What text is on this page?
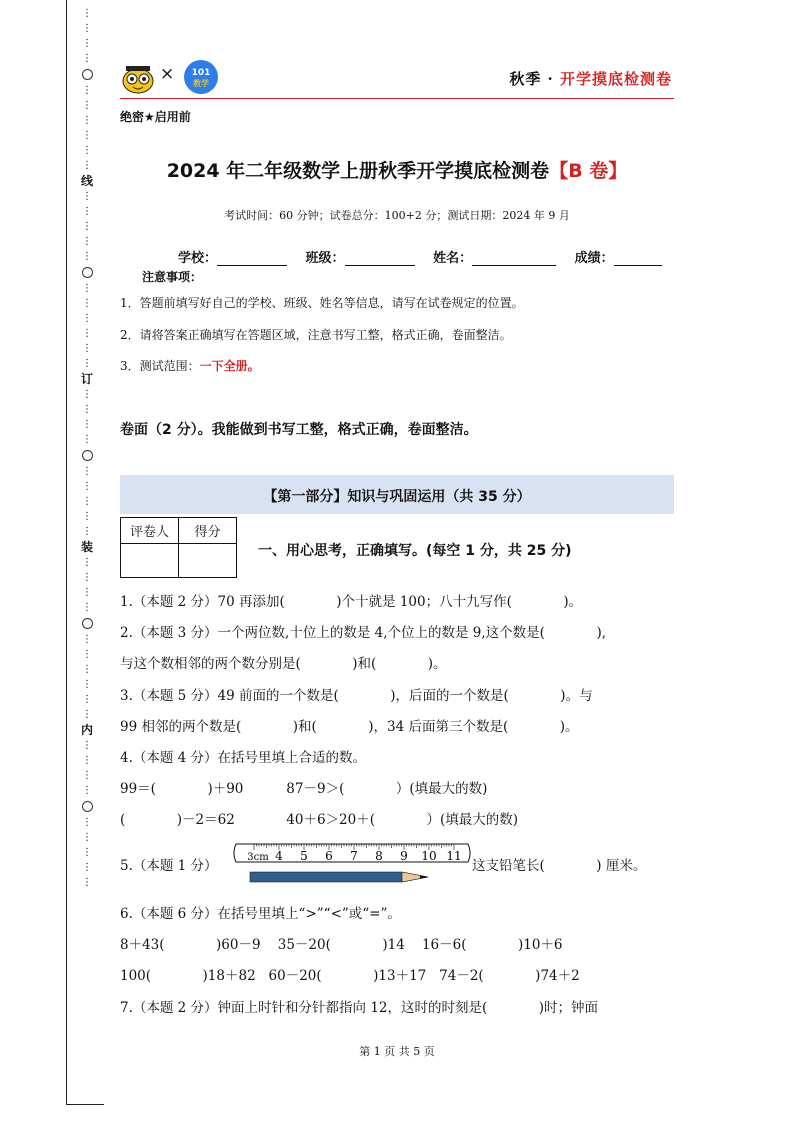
⋮
⋮
⋮
⋮
⋮
⋮
⋮
⋮
⋮
⋮
线
⋮
⋮
⋮
⋮
⋮
⋮
⋮
⋮
⋮
⋮
⋮
订
⋮
⋮
⋮
⋮
⋮
⋮
⋮
⋮
⋮
装
⋮
⋮
⋮
⋮
⋮
⋮
⋮
⋮
⋮
⋮
内
⋮
⋮
⋮
⋮
⋮
⋮
⋮
⋮
⋮
× 101
教学	秋季 · 开学摸底检测卷
绝密★启用前
2024 年二年级数学上册秋季开学摸底检测卷【B 卷】
考试时间：60 分钟；试卷总分：100+2 分；测试日期：2024 年 9 月
学校：	班级：	姓名：	成绩：
注意事项：
1．答题前填写好自己的学校、班级、姓名等信息，请写在试卷规定的位置。
2．请将答案正确填写在答题区域，注意书写工整，格式正确，卷面整洁。
3．测试范围：一下全册。
卷面（2 分）。我能做到书写工整，格式正确，卷面整洁。
【第一部分】知识与巩固运用（共 35 分）
评卷人	得分

一、用心思考，正确填写。(每空 1 分，共 25 分)
1.（本题 2 分）70 再添加(            )个十就是 100；八十九写作(            )。
2.（本题 3 分）一个两位数,十位上的数是 4,个位上的数是 9,这个数是(            ),
与这个数相邻的两个数分别是(            )和(            )。
3.（本题 5 分）49 前面的一个数是(            )，后面的一个数是(            )。与
99 相邻的两个数是(            )和(            )，34 后面第三个数是(            )。
4.（本题 4 分）在括号里填上合适的数。
99＝(            )＋90          87－9＞(            ）(填最大的数)
(            )－2＝62            40＋6＞20＋(            ）(填最大的数)
5.（本题 1 分）
3cm 4 5 6 7 8 9 10 11
这支铅笔长(            ) 厘米。
6.（本题 6 分）在括号里填上“>”“<”或“=”。
8＋43(            )60－9    35－20(            )14    16－6(            )10＋6
100(            )18＋82   60－20(            )13＋17   74－2(            )74＋2
7.（本题 2 分）钟面上时针和分针都指向 12，这时的时刻是(            )时；钟面
第 1 页 共 5 页
